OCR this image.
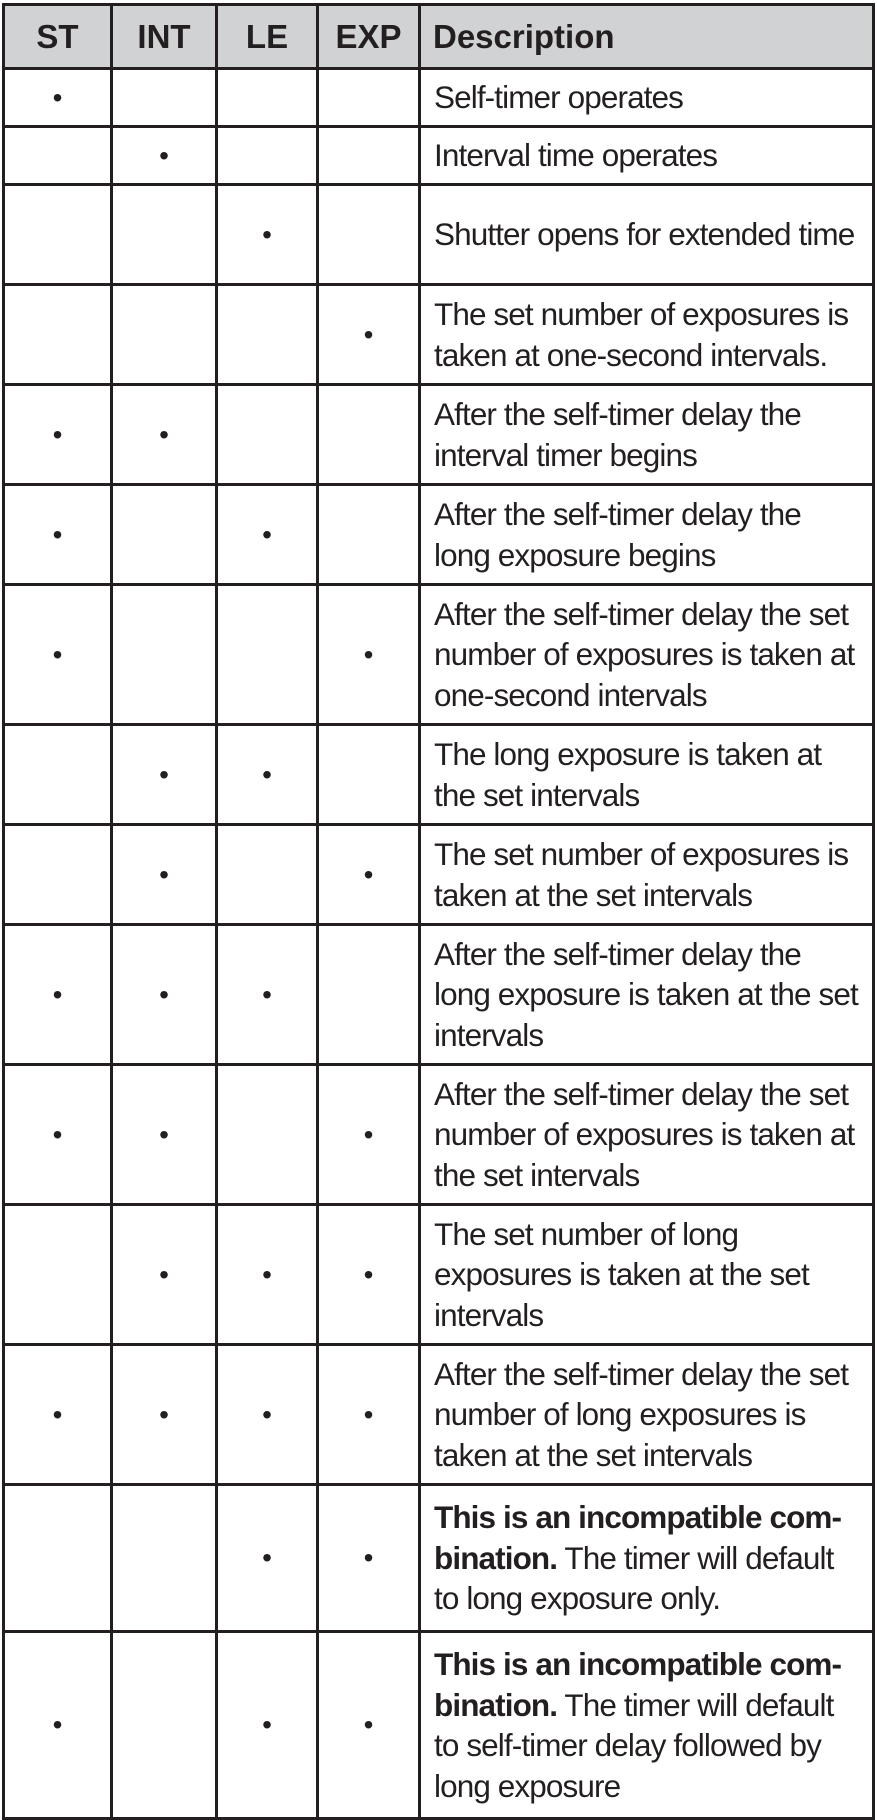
ST	INT	LE	EXP	Description
•				Self-timer operates
	•			Interval time operates
		•		Shutter opens for extended time
			•	The set number of exposures is taken at one-second intervals.
•	•			After the self-timer delay the interval timer begins
•		•		After the self-timer delay the long exposure begins
•			•	After the self-timer delay the set number of exposures is taken at one-second intervals
	•	•		The long exposure is taken at the set intervals
	•		•	The set number of exposures is taken at the set intervals
•	•	•		After the self-timer delay the long exposure is taken at the set intervals
•	•		•	After the self-timer delay the set number of exposures is taken at the set intervals
	•	•	•	The set number of long exposures is taken at the set intervals
•	•	•	•	After the self-timer delay the set number of long exposures is taken at the set intervals
		•	•	This is an incompatible combination. The timer will default to long exposure only.
•		•	•	This is an incompatible combination. The timer will default to self-timer delay followed by long exposure
